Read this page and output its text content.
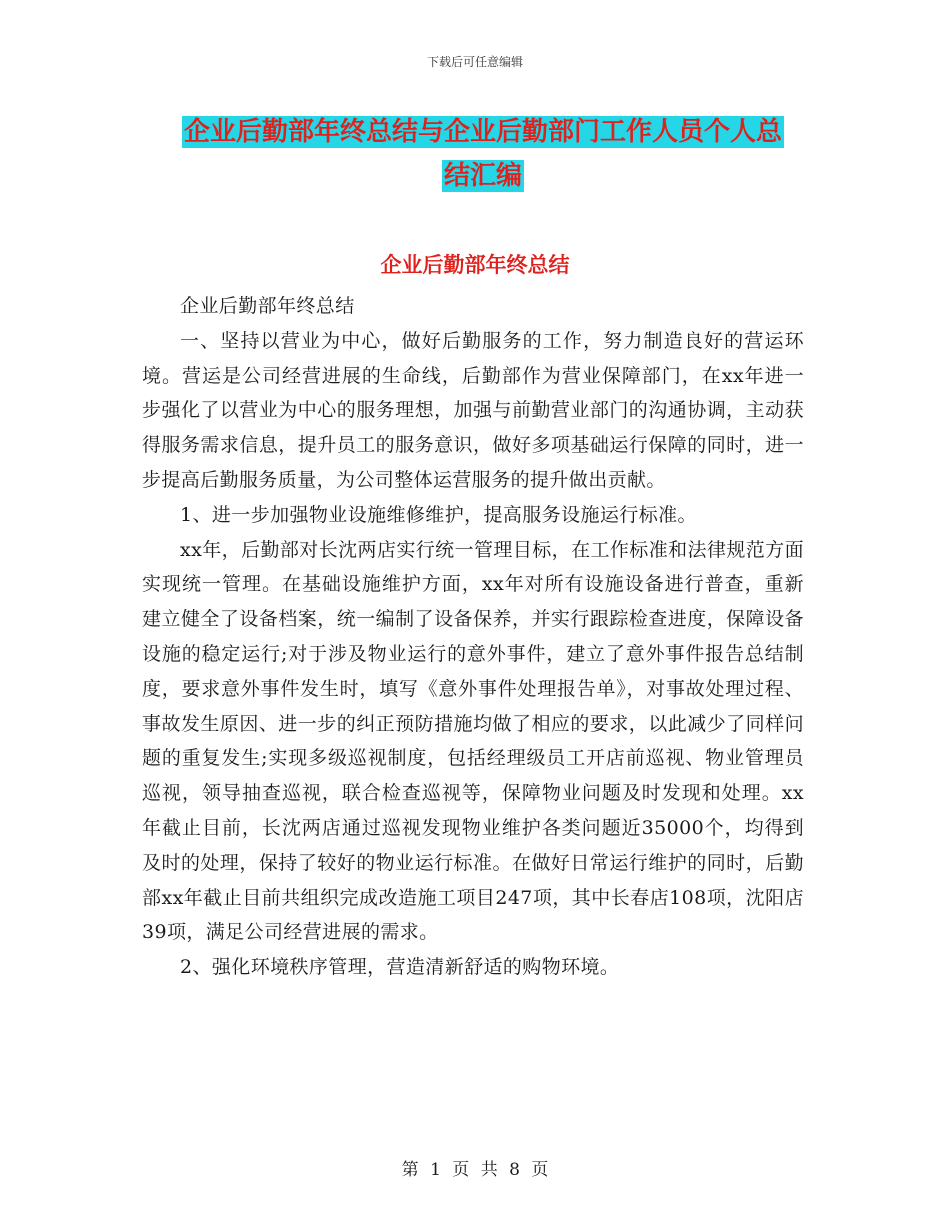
下载后可任意编辑
企业后勤部年终总结与企业后勤部门工作人员个人总
结汇编
企业后勤部年终总结

企业后勤部年终总结

一、坚持以营业为中心，做好后勤服务的工作，努力制造良好的营运环境。营运是公司经营进展的生命线，后勤部作为营业保障部门，在xx年进一步强化了以营业为中心的服务理想，加强与前勤营业部门的沟通协调，主动获得服务需求信息，提升员工的服务意识，做好多项基础运行保障的同时，进一步提高后勤服务质量，为公司整体运营服务的提升做出贡献。

1、进一步加强物业设施维修维护，提高服务设施运行标准。

xx年，后勤部对长沈两店实行统一管理目标，在工作标准和法律规范方面实现统一管理。在基础设施维护方面，xx年对所有设施设备进行普查，重新建立健全了设备档案，统一编制了设备保养，并实行跟踪检查进度，保障设备设施的稳定运行;对于涉及物业运行的意外事件，建立了意外事件报告总结制度，要求意外事件发生时，填写《意外事件处理报告单》，对事故处理过程、事故发生原因、进一步的纠正预防措施均做了相应的要求，以此减少了同样问题的重复发生;实现多级巡视制度，包括经理级员工开店前巡视、物业管理员巡视，领导抽查巡视，联合检查巡视等，保障物业问题及时发现和处理。xx年截止目前，长沈两店通过巡视发现物业维护各类问题近35000个，均得到及时的处理，保持了较好的物业运行标准。在做好日常运行维护的同时，后勤部xx年截止目前共组织完成改造施工项目247项，其中长春店108项，沈阳店39项，满足公司经营进展的需求。

2、强化环境秩序管理，营造清新舒适的购物环境。

第 1 页 共 8 页
